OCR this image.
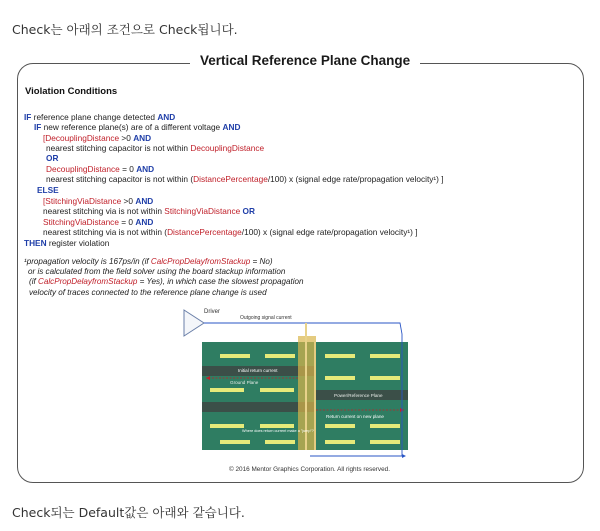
Check는 아래의 조건으로 Check됩니다.
Vertical Reference Plane Change
Violation Conditions
IF reference plane change detected AND
IF new reference plane(s) are of a different voltage AND
[DecouplingDistance >0 AND
nearest stitching capacitor is not within DecouplingDistance
OR
DecouplingDistance = 0 AND
nearest stitching capacitor is not within (DistancePercentage/100) x (signal edge rate/propagation velocity¹) ]
ELSE
[StitchingViaDistance >0 AND
nearest stitching via is not within StitchingViaDistance OR
StitchingViaDistance = 0 AND
nearest stitching via is not within (DistancePercentage/100) x (signal edge rate/propagation velocity¹) ]
THEN register violation
¹propagation velocity is 167ps/in (if CalcPropDelayfromStackup = No)
or is calculated from the field solver using the board stackup information
(if CalcPropDelayfromStackup = Yes), in which case the slowest propagation
velocity of traces connected to the reference plane change is used
Driver
Outgoing signal current
Initial return current
Ground Plane
Power/Reference Plane
Return current on new plane
Where does return current make a "jump"?
© 2016 Mentor Graphics Corporation. All rights reserved.
Check되는 Default값은 아래와 같습니다.
